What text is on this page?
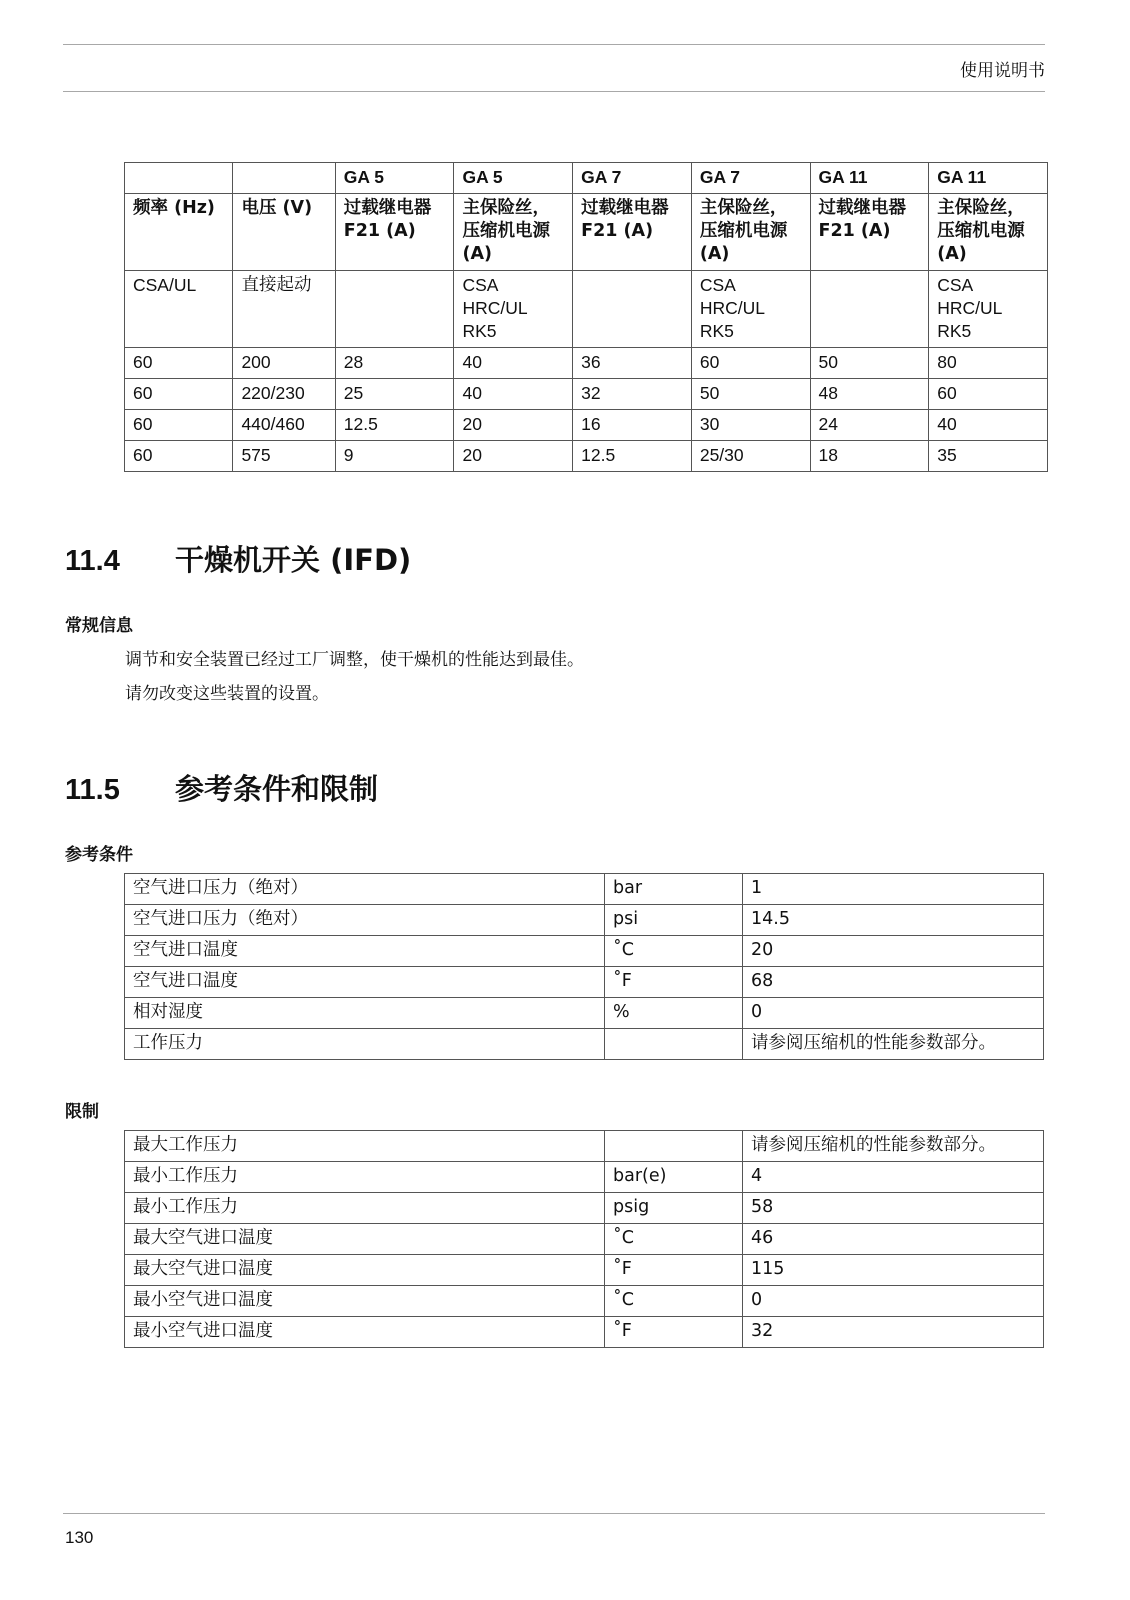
使用说明书
		GA 5	GA 5	GA 7	GA 7	GA 11	GA 11
频率 (Hz)	电压 (V)	过载继电器 F21 (A)	主保险丝，压缩机电源 (A)	过载继电器 F21 (A)	主保险丝，压缩机电源 (A)	过载继电器 F21 (A)	主保险丝，压缩机电源 (A)
CSA/UL	直接起动		CSA HRC/UL RK5		CSA HRC/UL RK5		CSA HRC/UL RK5
60	200	28	40	36	60	50	80
60	220/230	25	40	32	50	48	60
60	440/460	12.5	20	16	30	24	40
60	575	9	20	12.5	25/30	18	35
11.4 干燥机开关 (IFD)
常规信息
调节和安全装置已经过工厂调整，使干燥机的性能达到最佳。
请勿改变这些装置的设置。
11.5 参考条件和限制
参考条件
空气进口压力（绝对）	bar	1
空气进口压力（绝对）	psi	14.5
空气进口温度	˚C	20
空气进口温度	˚F	68
相对湿度	%	0
工作压力		请参阅压缩机的性能参数部分。
限制
最大工作压力		请参阅压缩机的性能参数部分。
最小工作压力	bar(e)	4
最小工作压力	psig	58
最大空气进口温度	˚C	46
最大空气进口温度	˚F	115
最小空气进口温度	˚C	0
最小空气进口温度	˚F	32
130
